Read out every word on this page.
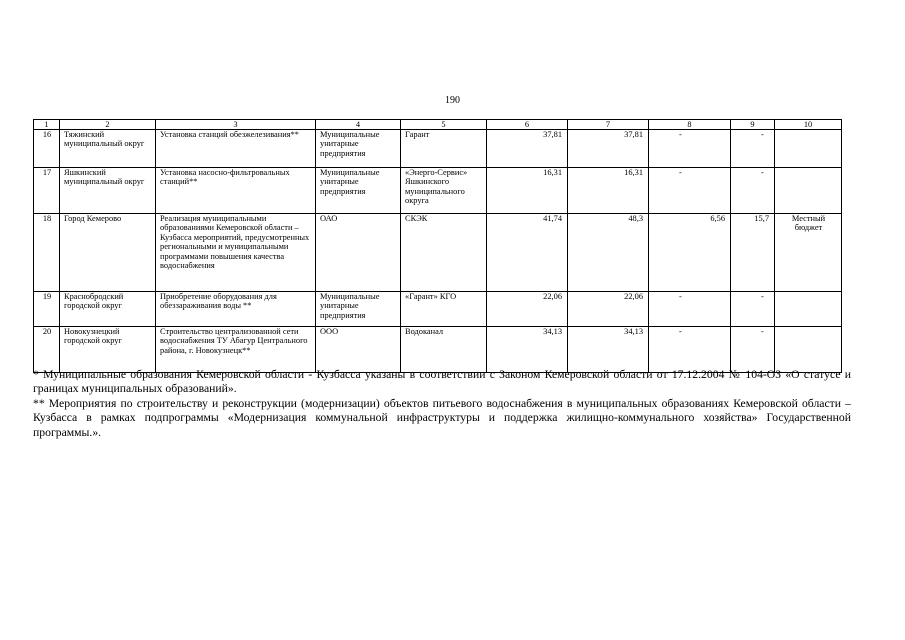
190
1	2	3	4	5	6	7	8	9	10
16	Тяжинский муниципальный округ	Установка станций обезжелезивания**	Муниципальные унитарные предприятия	Гарант	37,81	37,81	-	-	
17	Яшкинский муниципальный округ	Установка насосно-фильтровальных станций**	Муниципальные унитарные предприятия	«Энерго-Сервис» Яшкинского муниципального округа	16,31	16,31	-	-	
18	Город Кемерово	Реализация муниципальными образованиями Кемеровской области – Кузбасса мероприятий, предусмотренных региональными и муниципальными программами повышения качества водоснабжения	ОАО	СКЭК	41,74	48,3	6,56	15,7	Местный бюджет
19	Краснобродский городской округ	Приобретение оборудования для обеззараживания воды **	Муниципальные унитарные предприятия	«Гарант» КГО	22,06	22,06	-	-	
20	Новокузнецкий городской округ	Строительство централизованной сети водоснабжения ТУ Абагур Центрального района, г. Новокузнецк**	ООО	Водоканал	34,13	34,13	-	-	

* Муниципальные образования Кемеровской области - Кузбасса указаны в соответствии с Законом Кемеровской области от 17.12.2004 № 104-ОЗ «О статусе и границах муниципальных образований».

** Мероприятия по строительству и реконструкции (модернизации) объектов питьевого водоснабжения в муниципальных образованиях Кемеровской области – Кузбасса в рамках подпрограммы «Модернизация коммунальной инфраструктуры и поддержка жилищно-коммунального хозяйства» Государственной программы.».
